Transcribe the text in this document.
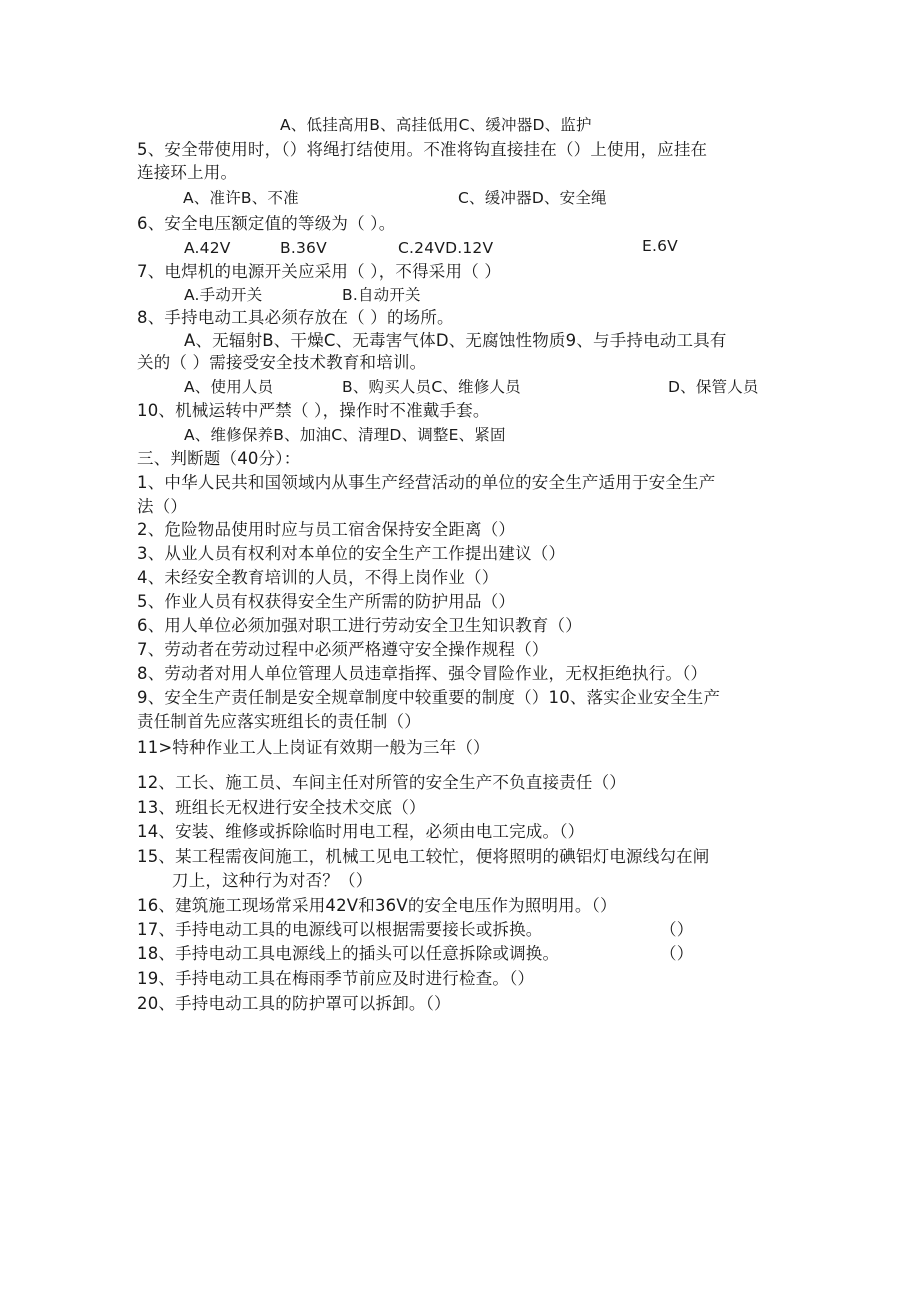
A、低挂高用B、高挂低用C、缓冲器D、监护
5、安全带使用时，（）将绳打结使用。不准将钩直接挂在（）上使用，应挂在
连接环上用。
A、准许B、不准	C、缓冲器D、安全绳
6、安全电压额定值的等级为（ ）。
A.42V	B.36V	C.24VD.12V	E.6V
7、电焊机的电源开关应采用（ ），不得采用（ ）
A.手动开关	B.自动开关
8、手持电动工具必须存放在（ ）的场所。
A、无辐射B、干燥C、无毒害气体D、无腐蚀性物质9、与手持电动工具有
关的（ ）需接受安全技术教育和培训。
A、使用人员	B、购买人员C、维修人员	D、保管人员
10、机械运转中严禁（ ），操作时不准戴手套。
A、维修保养B、加油C、清理D、调整E、紧固
三、判断题（40分）：
1、中华人民共和国领域内从事生产经营活动的单位的安全生产适用于安全生产
法（）
2、危险物品使用时应与员工宿舍保持安全距离（）
3、从业人员有权利对本单位的安全生产工作提出建议（）
4、未经安全教育培训的人员，不得上岗作业（）
5、作业人员有权获得安全生产所需的防护用品（）
6、用人单位必须加强对职工进行劳动安全卫生知识教育（）
7、劳动者在劳动过程中必须严格遵守安全操作规程（）
8、劳动者对用人单位管理人员违章指挥、强令冒险作业，无权拒绝执行。（）
9、安全生产责任制是安全规章制度中较重要的制度（）10、落实企业安全生产
责任制首先应落实班组长的责任制（）
11>特种作业工人上岗证有效期一般为三年（）
12、工长、施工员、车间主任对所管的安全生产不负直接责任（）
13、班组长无权进行安全技术交底（）
14、安装、维修或拆除临时用电工程，必须由电工完成。（）
15、某工程需夜间施工，机械工见电工较忙，便将照明的碘铝灯电源线勾在闸
刀上，这种行为对否？（）
16、建筑施工现场常采用42V和36V的安全电压作为照明用。（）
17、手持电动工具的电源线可以根据需要接长或拆换。	（）
18、手持电动工具电源线上的插头可以任意拆除或调换。	（）
19、手持电动工具在梅雨季节前应及时进行检查。（）
20、手持电动工具的防护罩可以拆卸。（）
